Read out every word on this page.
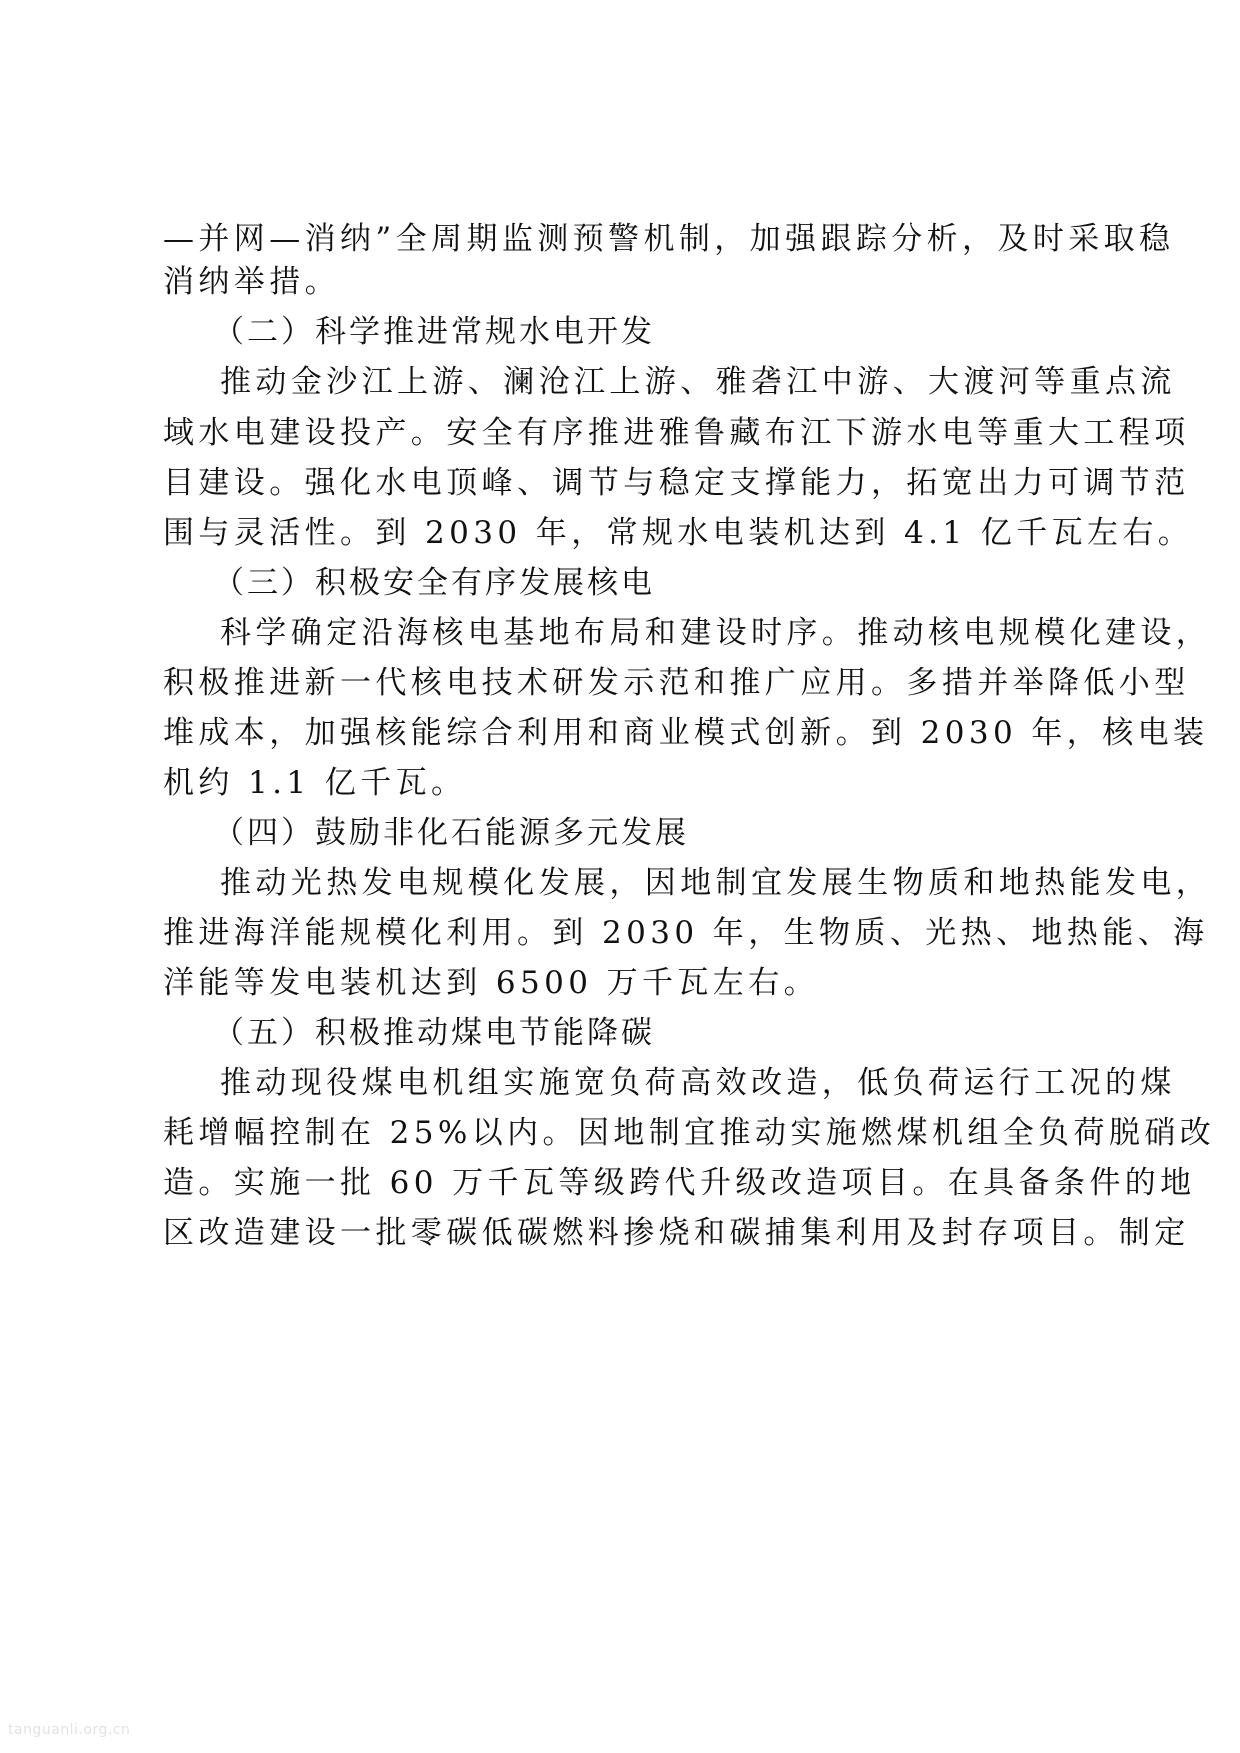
—并网—消纳”全周期监测预警机制，加强跟踪分析，及时采取稳
消纳举措。
（二）科学推进常规水电开发
推动金沙江上游、澜沧江上游、雅砻江中游、大渡河等重点流
域水电建设投产。安全有序推进雅鲁藏布江下游水电等重大工程项
目建设。强化水电顶峰、调节与稳定支撑能力，拓宽出力可调节范
围与灵活性。到 2030 年，常规水电装机达到 4.1 亿千瓦左右。
（三）积极安全有序发展核电
科学确定沿海核电基地布局和建设时序。推动核电规模化建设，
积极推进新一代核电技术研发示范和推广应用。多措并举降低小型
堆成本，加强核能综合利用和商业模式创新。到 2030 年，核电装
机约 1.1 亿千瓦。
（四）鼓励非化石能源多元发展
推动光热发电规模化发展，因地制宜发展生物质和地热能发电，
推进海洋能规模化利用。到 2030 年，生物质、光热、地热能、海
洋能等发电装机达到 6500 万千瓦左右。
（五）积极推动煤电节能降碳
推动现役煤电机组实施宽负荷高效改造，低负荷运行工况的煤
耗增幅控制在 25%以内。因地制宜推动实施燃煤机组全负荷脱硝改
造。实施一批 60 万千瓦等级跨代升级改造项目。在具备条件的地
区改造建设一批零碳低碳燃料掺烧和碳捕集利用及封存项目。制定
tanguanli.org.cn
